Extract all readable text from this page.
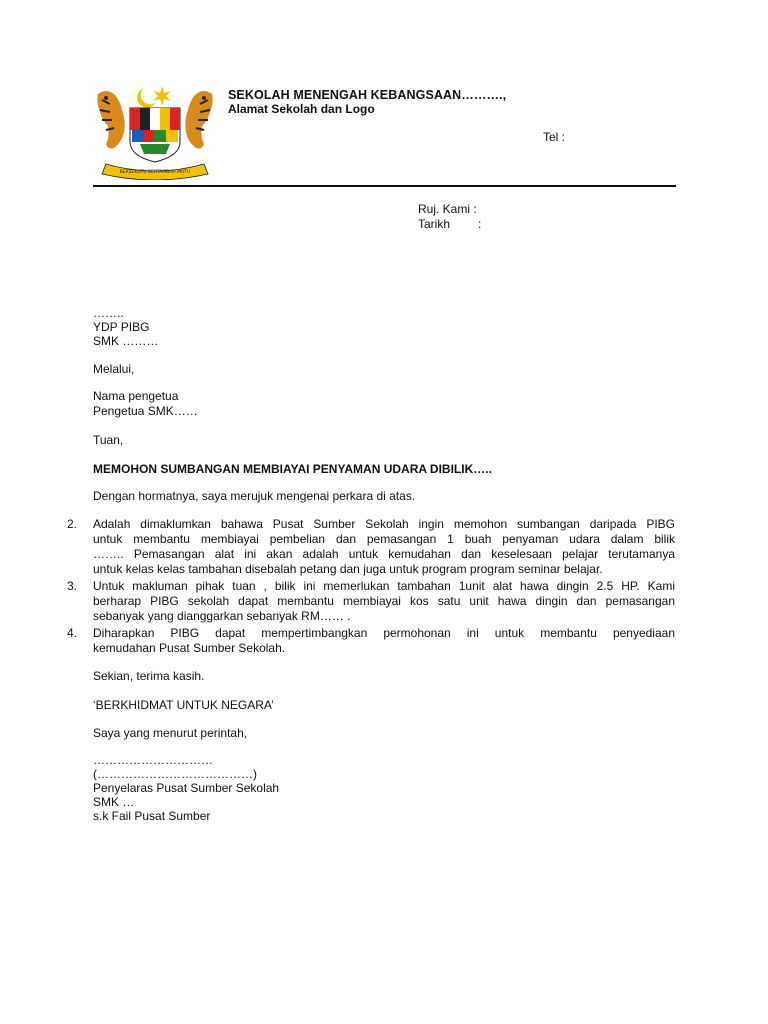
BERSEKUTU BERTAMBAH MUTU
SEKOLAH MENENGAH KEBANGSAAN……….,
Alamat Sekolah dan Logo
Tel :
Ruj. Kami :
Tarikh :
……..
YDP PIBG
SMK ………
Melalui,
Nama pengetua
Pengetua SMK……
Tuan,
MEMOHON SUMBANGAN MEMBIAYAI PENYAMAN UDARA DIBILIK…..
Dengan hormatnya, saya merujuk mengenai perkara di atas.
2. Adalah dimaklumkan bahawa Pusat Sumber Sekolah ingin memohon sumbangan daripada PIBG
untuk membantu membiayai pembelian dan pemasangan 1 buah penyaman udara dalam bilik
…….. Pemasangan alat ini akan adalah untuk kemudahan dan keselesaan pelajar terutamanya
untuk kelas kelas tambahan disebalah petang dan juga untuk program program seminar belajar.
3. Untuk makluman pihak tuan , bilik ini memerlukan tambahan 1unit alat hawa dingin 2.5 HP. Kami
berharap PIBG sekolah dapat membantu membiayai kos satu unit hawa dingin dan pemasangan
sebanyak yang dianggarkan sebanyak RM…… .
4. Diharapkan PIBG dapat mempertimbangkan permohonan ini untuk membantu penyediaan
kemudahan Pusat Sumber Sekolah.
Sekian, terima kasih.
‘BERKHIDMAT UNTUK NEGARA’
Saya yang menurut perintah,
…………………………
(…………………………………)
Penyelaras Pusat Sumber Sekolah
SMK …
s.k Fail Pusat Sumber
